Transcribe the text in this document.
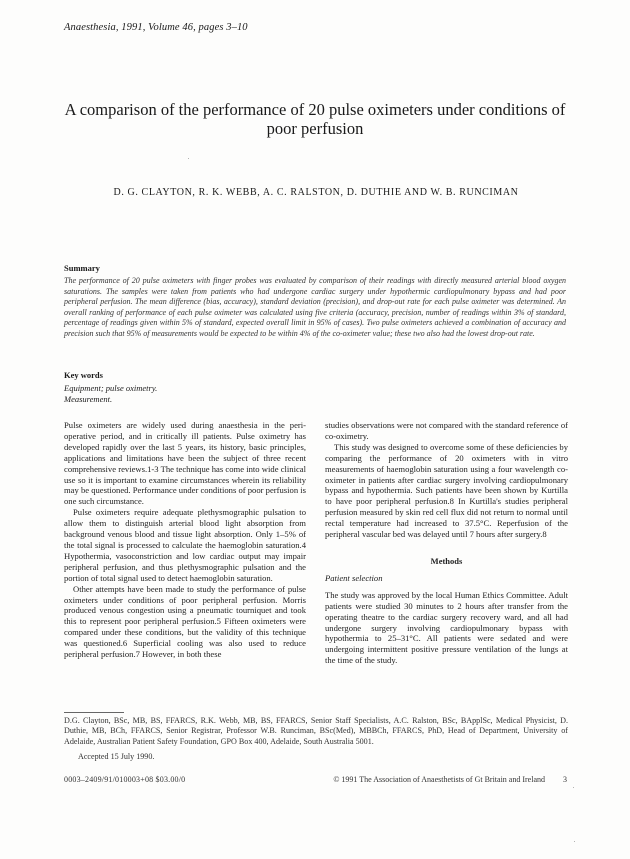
Anaesthesia, 1991, Volume 46, pages 3–10
A comparison of the performance of 20 pulse oximeters under conditions of poor perfusion
D. G. CLAYTON, R. K. WEBB, A. C. RALSTON, D. DUTHIE AND W. B. RUNCIMAN
Summary
The performance of 20 pulse oximeters with finger probes was evaluated by comparison of their readings with directly measured arterial blood oxygen saturations. The samples were taken from patients who had undergone cardiac surgery under hypothermic cardiopulmonary bypass and had poor peripheral perfusion. The mean difference (bias, accuracy), standard deviation (precision), and drop-out rate for each pulse oximeter was determined. An overall ranking of performance of each pulse oximeter was calculated using five criteria (accuracy, precision, number of readings within 3% of standard, percentage of readings given within 5% of standard, expected overall limit in 95% of cases). Two pulse oximeters achieved a combination of accuracy and precision such that 95% of measurements would be expected to be within 4% of the co-oximeter value; these two also had the lowest drop-out rate.
Key words
Equipment; pulse oximetry.
Measurement.

Pulse oximeters are widely used during anaesthesia in the peri-operative period, and in critically ill patients. Pulse oximetry has developed rapidly over the last 5 years, its history, basic principles, applications and limitations have been the subject of three recent comprehensive reviews.1-3 The technique has come into wide clinical use so it is important to examine circumstances wherein its reliability may be questioned. Performance under conditions of poor perfusion is one such circumstance.

Pulse oximeters require adequate plethysmographic pulsation to allow them to distinguish arterial blood light absorption from background venous blood and tissue light absorption. Only 1–5% of the total signal is processed to calculate the haemoglobin saturation.4 Hypothermia, vasoconstriction and low cardiac output may impair peripheral perfusion, and thus plethysmographic pulsation and the portion of total signal used to detect haemoglobin saturation.

Other attempts have been made to study the performance of pulse oximeters under conditions of poor peripheral perfusion. Morris produced venous congestion using a pneumatic tourniquet and took this to represent poor peripheral perfusion.5 Fifteen oximeters were compared under these conditions, but the validity of this technique was questioned.6 Superficial cooling was also used to reduce peripheral perfusion.7 However, in both these

studies observations were not compared with the standard reference of co-oximetry.

This study was designed to overcome some of these deficiencies by comparing the performance of 20 oximeters with in vitro measurements of haemoglobin saturation using a four wavelength co-oximeter in patients after cardiac surgery involving cardiopulmonary bypass and hypothermia. Such patients have been shown by Kurtilla to have poor peripheral perfusion.8 In Kurtilla's studies peripheral perfusion measured by skin red cell flux did not return to normal until rectal temperature had increased to 37.5°C. Reperfusion of the peripheral vascular bed was delayed until 7 hours after surgery.8

Methods
Patient selection

The study was approved by the local Human Ethics Committee. Adult patients were studied 30 minutes to 2 hours after transfer from the operating theatre to the cardiac surgery recovery ward, and all had undergone surgery involving cardiopulmonary bypass with hypothermia to 25–31°C. All patients were sedated and were undergoing intermittent positive pressure ventilation of the lungs at the time of the study.

D.G. Clayton, BSc, MB, BS, FFARCS, R.K. Webb, MB, BS, FFARCS, Senior Staff Specialists, A.C. Ralston, BSc, BApplSc, Medical Physicist, D. Duthie, MB, BCh, FFARCS, Senior Registrar, Professor W.B. Runciman, BSc(Med), MBBCh, FFARCS, PhD, Head of Department, University of Adelaide, Australian Patient Safety Foundation, GPO Box 400, Adelaide, South Australia 5001.
Accepted 15 July 1990.
0003–2409/91/010003+08 $03.00/0	© 1991 The Association of Anaesthetists of Gt Britain and Ireland 3
